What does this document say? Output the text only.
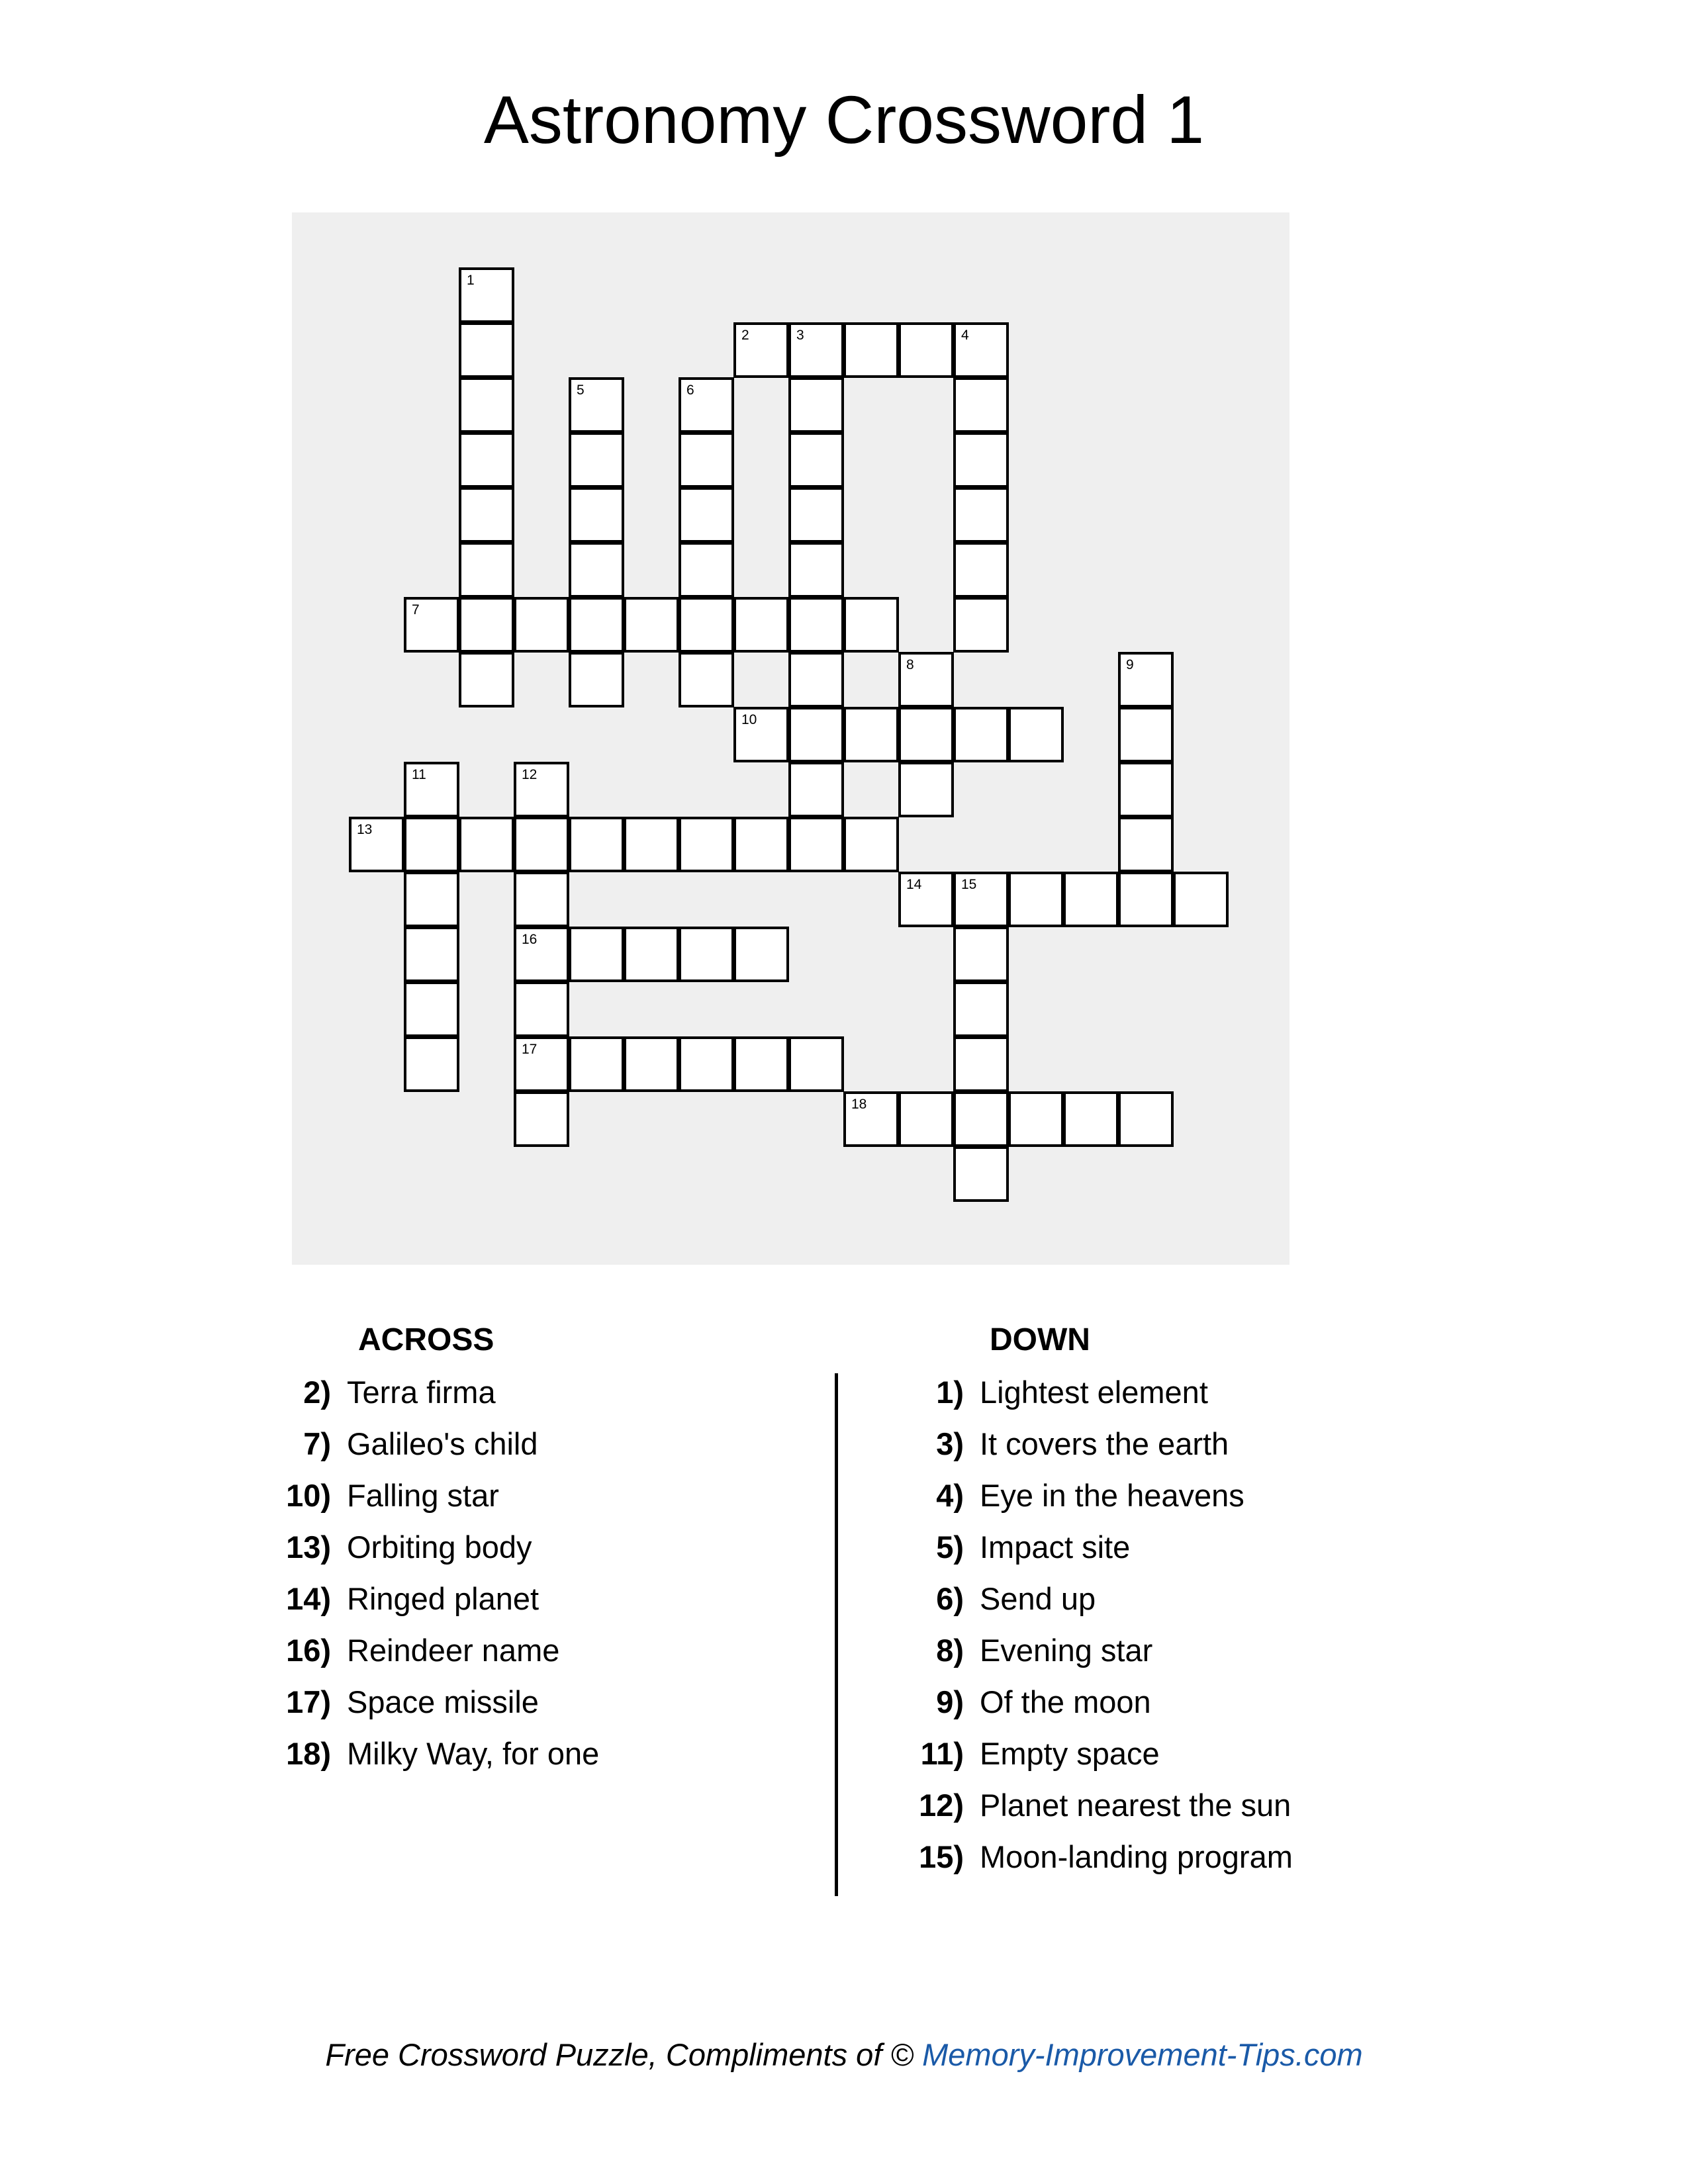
Astronomy Crossword 1
1
2	3	4
5	6
7
8	9
10
13
11	12
16
17
14	15
18
ACROSS
2) Terra firma
7) Galileo's child
10) Falling star
13) Orbiting body
14) Ringed planet
16) Reindeer name
17) Space missile
18) Milky Way, for one
DOWN
1) Lightest element
3) It covers the earth
4) Eye in the heavens
5) Impact site
6) Send up
8) Evening star
9) Of the moon
11) Empty space
12) Planet nearest the sun
15) Moon-landing program
Free Crossword Puzzle, Compliments of © Memory-Improvement-Tips.com
